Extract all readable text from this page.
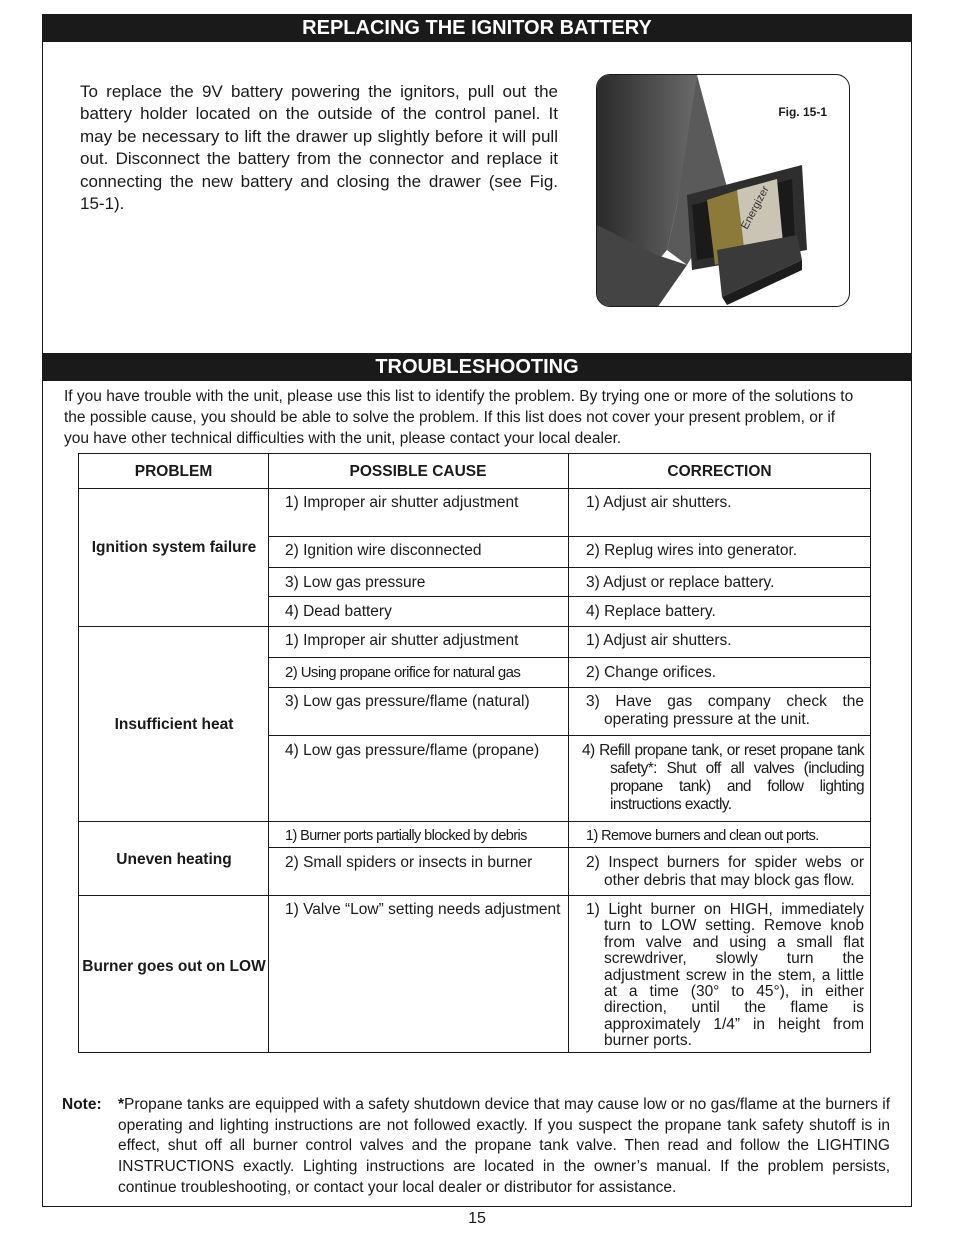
REPLACING THE IGNITOR BATTERY

To replace the 9V battery powering the ignitors, pull out the battery holder located on the outside of the control panel. It may be necessary to lift the drawer up slightly before it will pull out. Disconnect the battery from the connector and replace it connecting the new battery and closing the drawer (see Fig. 15-1).	Energizer
Fig. 15-1
TROUBLESHOOTING

If you have trouble with the unit, please use this list to identify the problem. By trying one or more of the solutions to the possible cause, you should be able to solve the problem. If this list does not cover your present problem, or if you have other technical difficulties with the unit, please contact your local dealer.

PROBLEM	POSSIBLE CAUSE	CORRECTION
Ignition system failure
1) Improper air shutter adjustment	1) Adjust air shutters.
2) Ignition wire disconnected	2) Replug wires into generator.
3) Low gas pressure	3) Adjust or replace battery.
4) Dead battery	4) Replace battery.
Insufficient heat
1) Improper air shutter adjustment	1) Adjust air shutters.
2) Using propane orifice for natural gas	2) Change orifices.
3) Low gas pressure/flame (natural)	3) Have gas company check the operating pressure at the unit.
4) Low gas pressure/flame (propane)	4) Refill propane tank, or reset propane tank safety*: Shut off all valves (including propane tank) and follow lighting instructions exactly.
Uneven heating
1) Burner ports partially blocked by debris	1) Remove burners and clean out ports.
2) Small spiders or insects in burner	2) Inspect burners for spider webs or other debris that may block gas flow.
Burner goes out on LOW
1) Valve “Low” setting needs adjustment 1) Light burner on HIGH, immediately turn to LOW setting. Remove knob from valve and using a small flat screwdriver, slowly turn the adjustment screw in the stem, a little at a time (30° to 45°), in either direction, until the flame is approximately 1/4” in height from burner ports.
Note: *Propane tanks are equipped with a safety shutdown device that may cause low or no gas/flame at the burners if operating and lighting instructions are not followed exactly. If you suspect the propane tank safety shutoff is in effect, shut off all burner control valves and the propane tank valve. Then read and follow the LIGHTING INSTRUCTIONS exactly. Lighting instructions are located in the owner’s manual. If the problem persists, continue troubleshooting, or contact your local dealer or distributor for assistance.

15
